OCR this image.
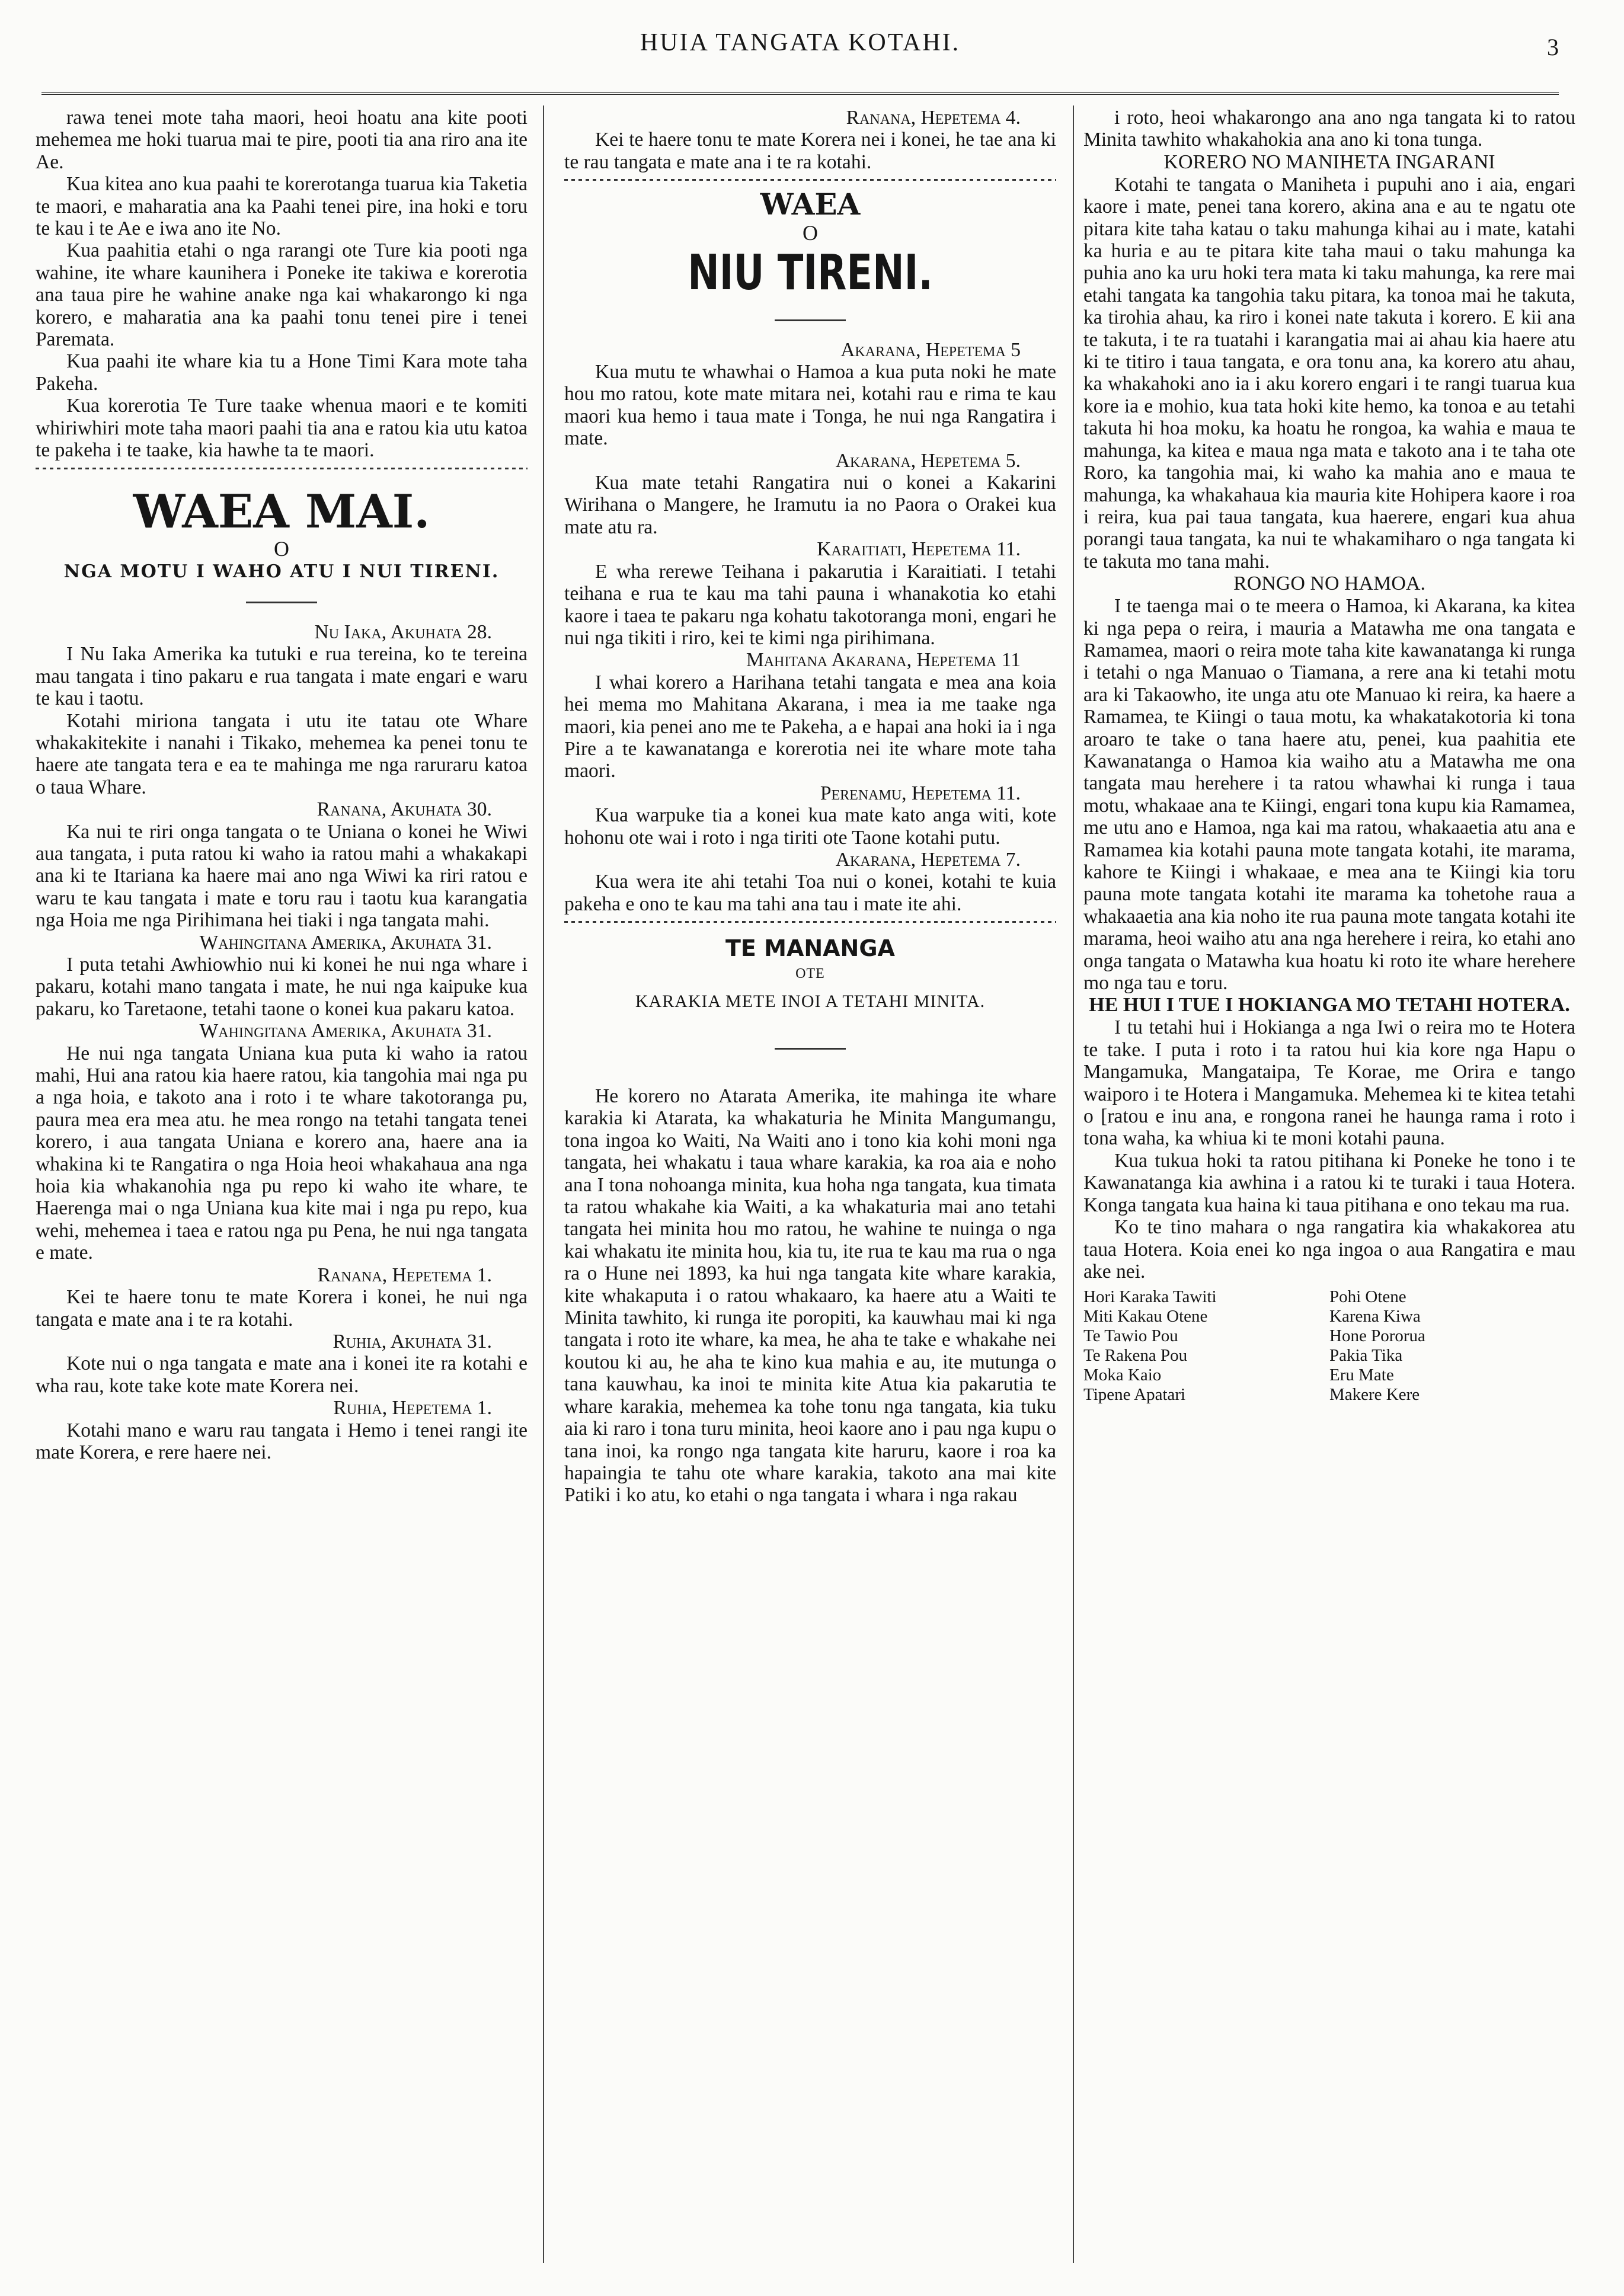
HUIA TANGATA KOTAHI.	3

rawa tenei mote taha maori, heoi hoatu ana kite pooti mehemea me hoki tuarua mai te pire, pooti tia ana riro ana ite Ae.

Kua kitea ano kua paahi te korerotanga tuarua kia Taketia te maori, e maharatia ana ka Paahi tenei pire, ina hoki e toru te kau i te Ae e iwa ano ite No.

Kua paahitia etahi o nga rarangi ote Ture kia pooti nga wahine, ite whare kaunihera i Poneke ite takiwa e korerotia ana taua pire he wahine anake nga kai whakarongo ki nga korero, e maharatia ana ka paahi tonu tenei pire i tenei Paremata.

Kua paahi ite whare kia tu a Hone Timi Kara mote taha Pakeha.

Kua korerotia Te Ture taake whenua maori e te komiti whiriwhiri mote taha maori paahi tia ana e ratou kia utu katoa te pakeha i te taake, kia hawhe ta te maori.

WAEA MAI.
O
NGA MOTU I WAHO ATU I NUI TIRENI.

Nu Iaka, Akuhata 28.

I Nu Iaka Amerika ka tutuki e rua tereina, ko te tereina mau tangata i tino pakaru e rua tangata i mate engari e waru te kau i taotu.

Kotahi miriona tangata i utu ite tatau ote Whare whakakitekite i nanahi i Tikako, mehemea ka penei tonu te haere ate tangata tera e ea te mahinga me nga raruraru katoa o taua Whare.

Ranana, Akuhata 30.

Ka nui te riri onga tangata o te Uniana o konei he Wiwi aua tangata, i puta ratou ki waho ia ratou mahi a whakakapi ana ki te Itariana ka haere mai ano nga Wiwi ka riri ratou e waru te kau tangata i mate e toru rau i taotu kua karangatia nga Hoia me nga Pirihimana hei tiaki i nga tangata mahi.

Wahingitana Amerika, Akuhata 31.

I puta tetahi Awhiowhio nui ki konei he nui nga whare i pakaru, kotahi mano tangata i mate, he nui nga kaipuke kua pakaru, ko Taretaone, tetahi taone o konei kua pakaru katoa.

Wahingitana Amerika, Akuhata 31.

He nui nga tangata Uniana kua puta ki waho ia ratou mahi, Hui ana ratou kia haere ratou, kia tangohia mai nga pu a nga hoia, e takoto ana i roto i te whare takotoranga pu, paura mea era mea atu. he mea rongo na tetahi tangata tenei korero, i aua tangata Uniana e korero ana, haere ana ia whakina ki te Rangatira o nga Hoia heoi whakahaua ana nga hoia kia whakanohia nga pu repo ki waho ite whare, te Haerenga mai o nga Uniana kua kite mai i nga pu repo, kua wehi, mehemea i taea e ratou nga pu Pena, he nui nga tangata e mate.

Ranana, Hepetema 1.

Kei te haere tonu te mate Korera i konei, he nui nga tangata e mate ana i te ra kotahi.

Ruhia, Akuhata 31.

Kote nui o nga tangata e mate ana i konei ite ra kotahi e wha rau, kote take kote mate Korera nei.

Ruhia, Hepetema 1.

Kotahi mano e waru rau tangata i Hemo i tenei rangi ite mate Korera, e rere haere nei.

Ranana, Hepetema 4.

Kei te haere tonu te mate Korera nei i konei, he tae ana ki te rau tangata e mate ana i te ra kotahi.

WAEA
O
NIU TIRENI.

Akarana, Hepetema 5

Kua mutu te whawhai o Hamoa a kua puta noki he mate hou mo ratou, kote mate mitara nei, kotahi rau e rima te kau maori kua hemo i taua mate i Tonga, he nui nga Rangatira i mate.

Akarana, Hepetema 5.

Kua mate tetahi Rangatira nui o konei a Kakarini Wirihana o Mangere, he Iramutu ia no Paora o Orakei kua mate atu ra.

Karaitiati, Hepetema 11.

E wha rerewe Teihana i pakarutia i Karaitiati. I tetahi teihana e rua te kau ma tahi pauna i whanakotia ko etahi kaore i taea te pakaru nga kohatu takotoranga moni, engari he nui nga tikiti i riro, kei te kimi nga pirihimana.

Mahitana Akarana, Hepetema 11

I whai korero a Harihana tetahi tangata e mea ana koia hei mema mo Mahitana Akarana, i mea ia me taake nga maori, kia penei ano me te Pakeha, a e hapai ana hoki ia i nga Pire a te kawanatanga e korerotia nei ite whare mote taha maori.

Perenamu, Hepetema 11.

Kua warpuke tia a konei kua mate kato anga witi, kote hohonu ote wai i roto i nga tiriti ote Taone kotahi putu.

Akarana, Hepetema 7.

Kua wera ite ahi tetahi Toa nui o konei, kotahi te kuia pakeha e ono te kau ma tahi ana tau i mate ite ahi.

TE MANANGA
OTE
KARAKIA METE INOI A TETAHI MINITA.

He korero no Atarata Amerika, ite mahinga ite whare karakia ki Atarata, ka whakaturia he Minita Mangumangu, tona ingoa ko Waiti, Na Waiti ano i tono kia kohi moni nga tangata, hei whakatu i taua whare karakia, ka roa aia e noho ana I tona nohoanga minita, kua hoha nga tangata, kua timata ta ratou whakahe kia Waiti, a ka whakaturia mai ano tetahi tangata hei minita hou mo ratou, he wahine te nuinga o nga kai whakatu ite minita hou, kia tu, ite rua te kau ma rua o nga ra o Hune nei 1893, ka hui nga tangata kite whare karakia, kite whakaputa i o ratou whakaaro, ka haere atu a Waiti te Minita tawhito, ki runga ite poropiti, ka kauwhau mai ki nga tangata i roto ite whare, ka mea, he aha te take e whakahe nei koutou ki au, he aha te kino kua mahia e au, ite mutunga o tana kauwhau, ka inoi te minita kite Atua kia pakarutia te whare karakia, mehemea ka tohe tonu nga tangata, kia tuku aia ki raro i tona turu minita, heoi kaore ano i pau nga kupu o tana inoi, ka rongo nga tangata kite haruru, kaore i roa ka hapaingia te tahu ote whare karakia, takoto ana mai kite Patiki i ko atu, ko etahi o nga tangata i whara i nga rakau

i roto, heoi whakarongo ana ano nga tangata ki to ratou Minita tawhito whakahokia ana ano ki tona tunga.

KORERO NO MANIHETA INGARANI

Kotahi te tangata o Maniheta i pupuhi ano i aia, engari kaore i mate, penei tana korero, akina ana e au te ngatu ote pitara kite taha katau o taku mahunga kihai au i mate, katahi ka huria e au te pitara kite taha maui o taku mahunga ka puhia ano ka uru hoki tera mata ki taku mahunga, ka rere mai etahi tangata ka tangohia taku pitara, ka tonoa mai he takuta, ka tirohia ahau, ka riro i konei nate takuta i korero. E kii ana te takuta, i te ra tuatahi i karangatia mai ai ahau kia haere atu ki te titiro i taua tangata, e ora tonu ana, ka korero atu ahau, ka whakahoki ano ia i aku korero engari i te rangi tuarua kua kore ia e mohio, kua tata hoki kite hemo, ka tonoa e au tetahi takuta hi hoa moku, ka hoatu he rongoa, ka wahia e maua te mahunga, ka kitea e maua nga mata e takoto ana i te taha ote Roro, ka tangohia mai, ki waho ka mahia ano e maua te mahunga, ka whakahaua kia mauria kite Hohipera kaore i roa i reira, kua pai taua tangata, kua haerere, engari kua ahua porangi taua tangata, ka nui te whakamiharo o nga tangata ki te takuta mo tana mahi.

RONGO NO HAMOA.

I te taenga mai o te meera o Hamoa, ki Akarana, ka kitea ki nga pepa o reira, i mauria a Matawha me ona tangata e Ramamea, maori o reira mote taha kite kawanatanga ki runga i tetahi o nga Manuao o Tiamana, a rere ana ki tetahi motu ara ki Takaowho, ite unga atu ote Manuao ki reira, ka haere a Ramamea, te Kiingi o taua motu, ka whakatakotoria ki tona aroaro te take o tana haere atu, penei, kua paahitia ete Kawanatanga o Hamoa kia waiho atu a Matawha me ona tangata mau herehere i ta ratou whawhai ki runga i taua motu, whakaae ana te Kiingi, engari tona kupu kia Ramamea, me utu ano e Hamoa, nga kai ma ratou, whakaaetia atu ana e Ramamea kia kotahi pauna mote tangata kotahi, ite marama, kahore te Kiingi i whakaae, e mea ana te Kiingi kia toru pauna mote tangata kotahi ite marama ka tohetohe raua a whakaaetia ana kia noho ite rua pauna mote tangata kotahi ite marama, heoi waiho atu ana nga herehere i reira, ko etahi ano onga tangata o Matawha kua hoatu ki roto ite whare herehere mo nga tau e toru.

HE HUI I TUE I HOKIANGA MO TETAHI HOTERA.

I tu tetahi hui i Hokianga a nga Iwi o reira mo te Hotera te take. I puta i roto i ta ratou hui kia kore nga Hapu o Mangamuka, Mangataipa, Te Korae, me Orira e tango waiporo i te Hotera i Mangamuka. Mehemea ki te kitea tetahi o [ratou e inu ana, e rongona ranei he haunga rama i roto i tona waha, ka whiua ki te moni kotahi pauna.

Kua tukua hoki ta ratou pitihana ki Poneke he tono i te Kawanatanga kia awhina i a ratou ki te turaki i taua Hotera. Konga tangata kua haina ki taua pitihana e ono tekau ma rua.

Ko te tino mahara o nga rangatira kia whakakorea atu taua Hotera. Koia enei ko nga ingoa o aua Rangatira e mau ake nei.

Hori Karaka Tawiti	Pohi Otene
Miti Kakau Otene	Karena Kiwa
Te Tawio Pou	Hone Pororua
Te Rakena Pou	Pakia Tika
Moka Kaio	Eru Mate
Tipene Apatari	Makere Kere
